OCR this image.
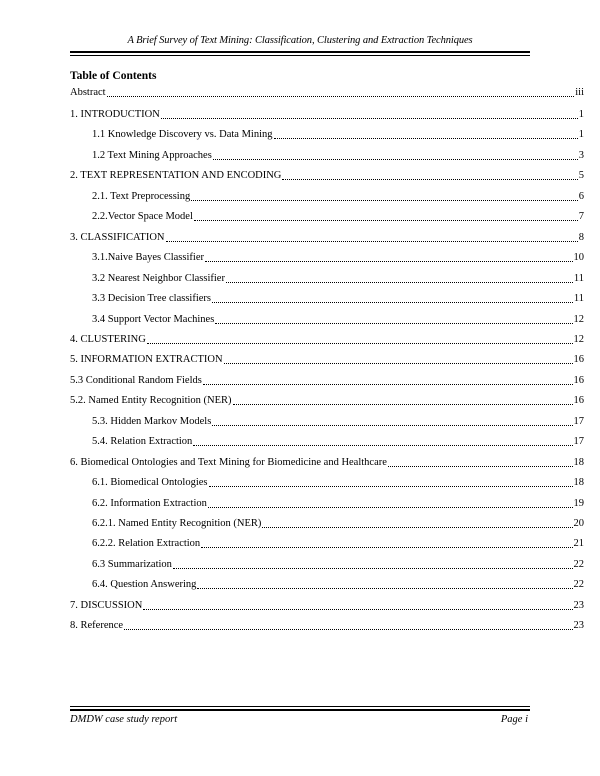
A Brief Survey of Text Mining: Classification, Clustering and Extraction Techniques
Table of Contents
Abstract	iii
1. INTRODUCTION	1
1.1 Knowledge Discovery vs. Data Mining	1
1.2 Text Mining Approaches	3
2. TEXT REPRESENTATION AND ENCODING	5
2.1. Text Preprocessing	6
2.2.Vector Space Model	7
3. CLASSIFICATION	8
3.1.Naive Bayes Classifier	10
3.2 Nearest Neighbor Classifier	11
3.3 Decision Tree classifiers	11
3.4 Support Vector Machines	12
4. CLUSTERING	12
5. INFORMATION EXTRACTION	16
5.3 Conditional Random Fields	16
5.2. Named Entity Recognition (NER)	16
5.3. Hidden Markov Models	17
5.4. Relation Extraction	17
6. Biomedical Ontologies and Text Mining for Biomedicine and Healthcare	18
6.1. Biomedical Ontologies	18
6.2. Information Extraction	19
6.2.1. Named Entity Recognition (NER)	20
6.2.2. Relation Extraction	21
6.3 Summarization	22
6.4. Question Answering	22
7. DISCUSSION	23
8. Reference	23
DMDW case study report	Page i
